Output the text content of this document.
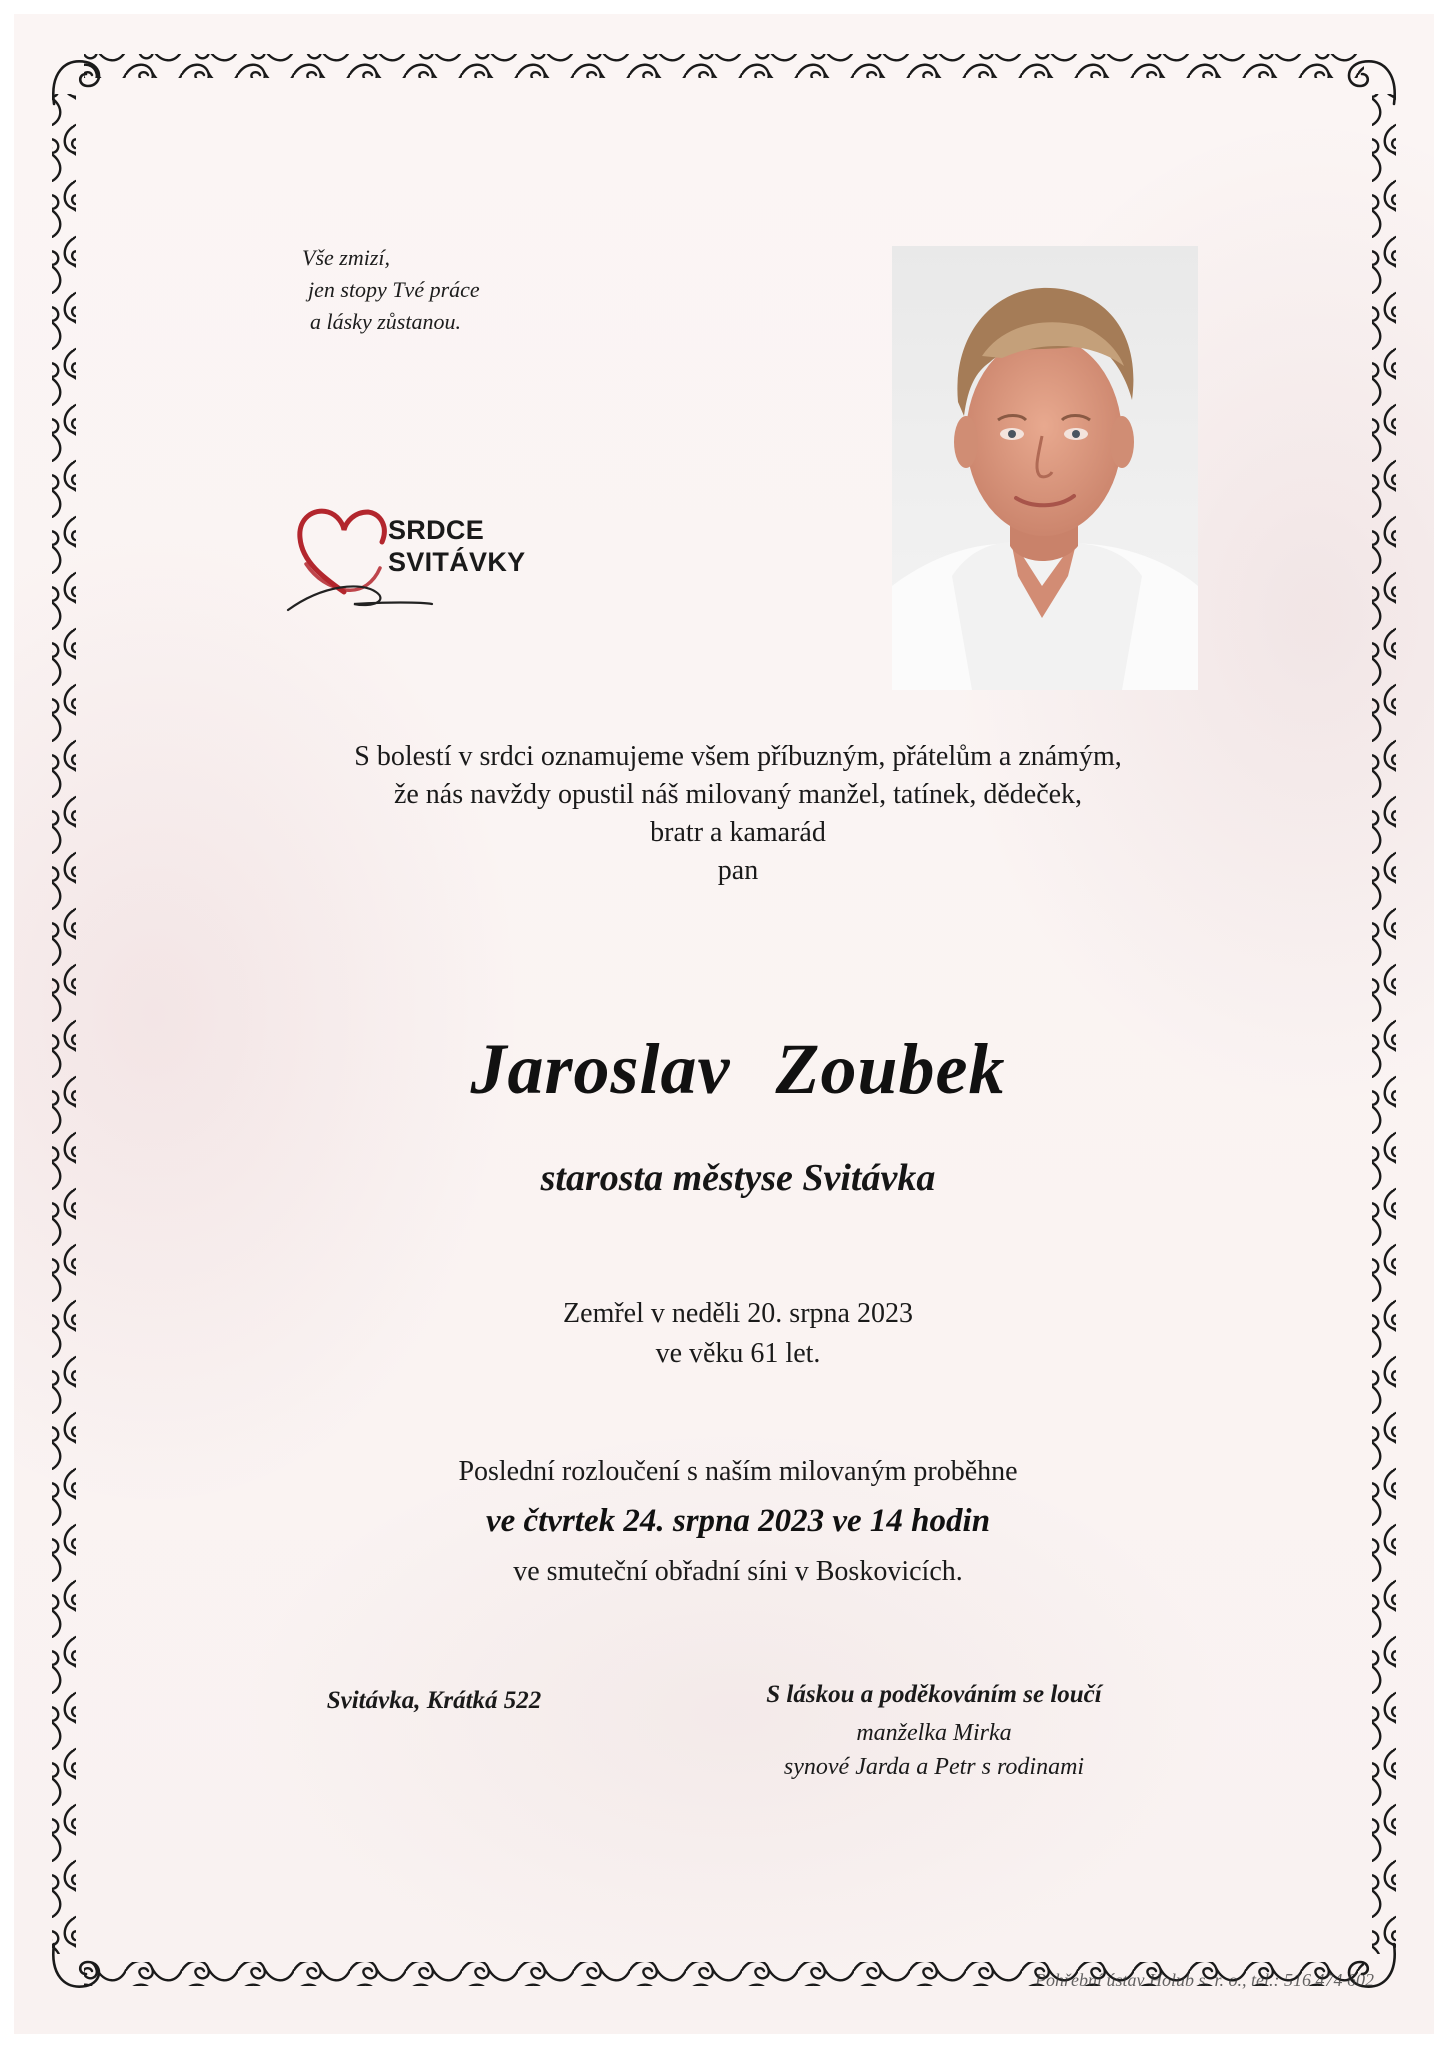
Vše zmizí,
jen stopy Tvé práce
a lásky zůstanou.
SRDCE
SVITÁVKY
S bolestí v srdci oznamujeme všem příbuzným, přátelům a známým,
že nás navždy opustil náš milovaný manžel, tatínek, dědeček,
bratr a kamarád
pan
Jaroslav Zoubek
starosta městyse Svitávka
Zemřel v neděli 20. srpna 2023
ve věku 61 let.
Poslední rozloučení s naším milovaným proběhne
ve čtvrtek 24. srpna 2023 ve 14 hodin
ve smuteční obřadní síni v Boskovicích.
Svitávka, Krátká 522	S láskou a poděkováním se loučí
manželka Mirka
synové Jarda a Petr s rodinami
Pohřební ústav Holub s. r. o., tel.: 516 474 602
